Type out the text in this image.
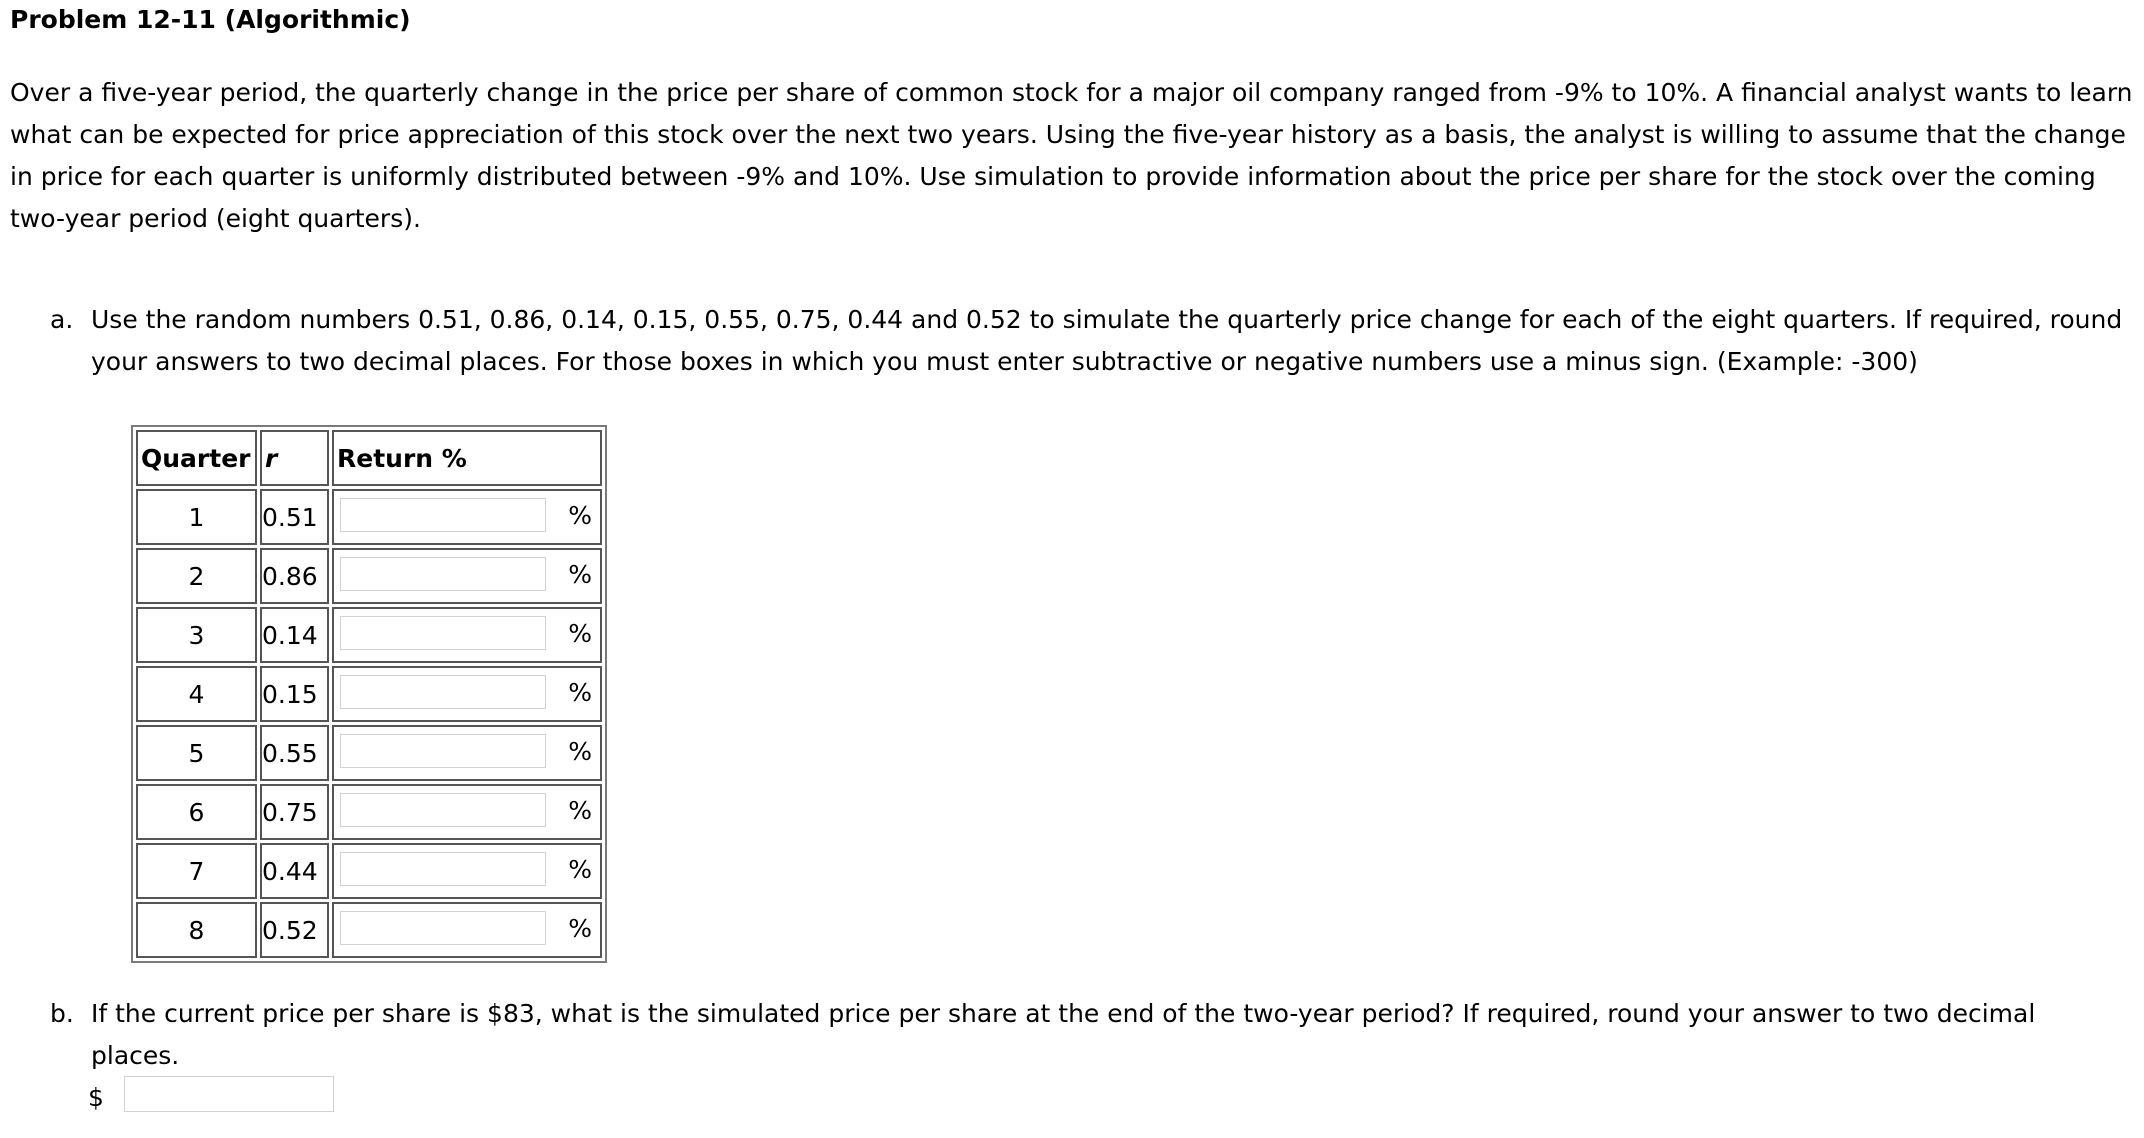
Problem 12-11 (Algorithmic)
Over a five-year period, the quarterly change in the price per share of common stock for a major oil company ranged from -9% to 10%. A financial analyst wants to learn what can be expected for price appreciation of this stock over the next two years. Using the five-year history as a basis, the analyst is willing to assume that the change in price for each quarter is uniformly distributed between -9% and 10%. Use simulation to provide information about the price per share for the stock over the coming two-year period (eight quarters).
a. Use the random numbers 0.51, 0.86, 0.14, 0.15, 0.55, 0.75, 0.44 and 0.52 to simulate the quarterly price change for each of the eight quarters. If required, round your answers to two decimal places. For those boxes in which you must enter subtractive or negative numbers use a minus sign. (Example: -300)
Quarter	r	Return %
1	0.51	%

2	0.86	%

3	0.14	%

4	0.15	%

5	0.55	%

6	0.75	%

7	0.44	%

8	0.52	%
b. If the current price per share is $83, what is the simulated price per share at the end of the two-year period? If required, round your answer to two decimal places.
$
